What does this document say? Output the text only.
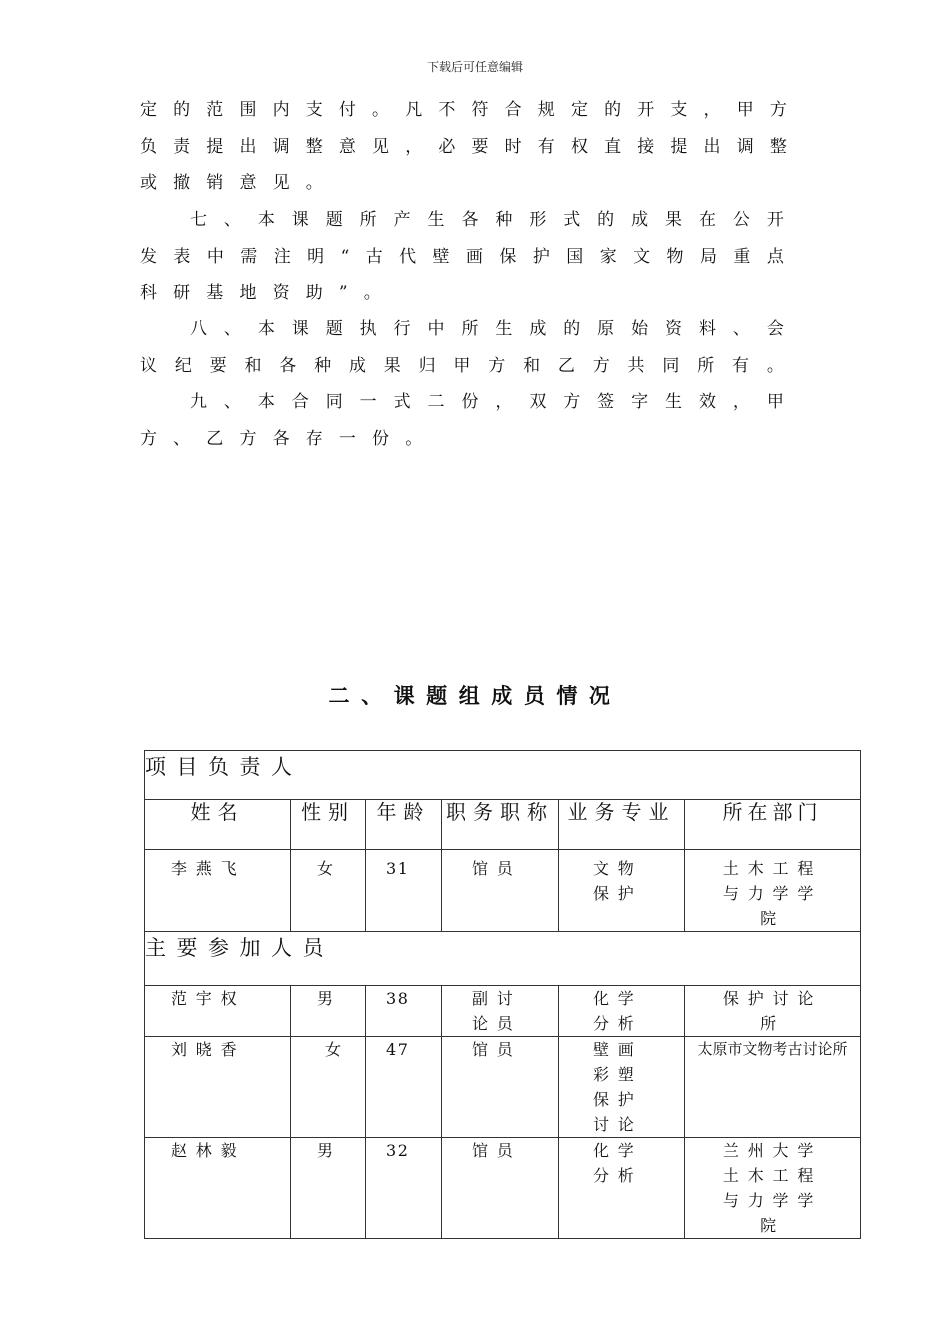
下载后可任意编辑
定的范围内支付。凡不符合规定的开支，甲方
负责提出调整意见，必要时有权直接提出调整
或撤销意见。
七、本课题所产生各种形式的成果在公开
发表中需注明“古代壁画保护国家文物局重点
科研基地资助”。
八、本课题执行中所生成的原始资料、会
议纪要和各种成果归甲方和乙方共同所有。
九、本合同一式二份，双方签字生效，甲
方、乙方各存一份。
二、课题组成员情况
项目负责人					
姓名	性别	年龄	职务职称	业务专业	所在部门

李燕飞	女	31	馆员	文物保护	土木工程与力学学院

主要参加人员					

范宇权	男	38	副讨论员	化学分析	保护讨论所

刘晓香	女	47	馆员	壁画彩塑保护讨论	太原市文物考古讨论所

赵林毅	男	32	馆员	化学分析	兰州大学土木工程与力学学院
